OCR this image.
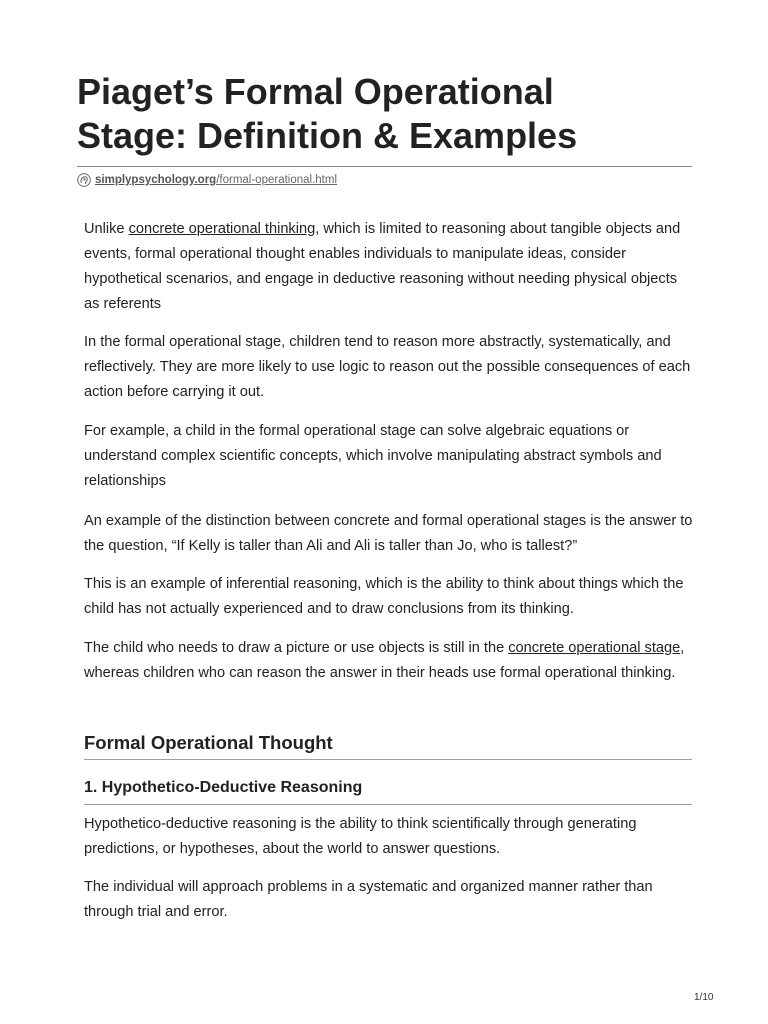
Piaget’s Formal Operational
Stage: Definition & Examples
simplypsychology.org /formal-operational.html

Unlike concrete operational thinking, which is limited to reasoning about tangible objects and events, formal operational thought enables individuals to manipulate ideas, consider hypothetical scenarios, and engage in deductive reasoning without needing physical objects as referents

In the formal operational stage, children tend to reason more abstractly, systematically, and reflectively. They are more likely to use logic to reason out the possible consequences of each action before carrying it out.

For example, a child in the formal operational stage can solve algebraic equations or understand complex scientific concepts, which involve manipulating abstract symbols and relationships

An example of the distinction between concrete and formal operational stages is the answer to the question, “If Kelly is taller than Ali and Ali is taller than Jo, who is tallest?”

This is an example of inferential reasoning, which is the ability to think about things which the child has not actually experienced and to draw conclusions from its thinking.

The child who needs to draw a picture or use objects is still in the concrete operational stage, whereas children who can reason the answer in their heads use formal operational thinking.

Formal Operational Thought
1. Hypothetico-Deductive Reasoning

Hypothetico-deductive reasoning is the ability to think scientifically through generating predictions, or hypotheses, about the world to answer questions.

The individual will approach problems in a systematic and organized manner rather than through trial and error.

1/10
